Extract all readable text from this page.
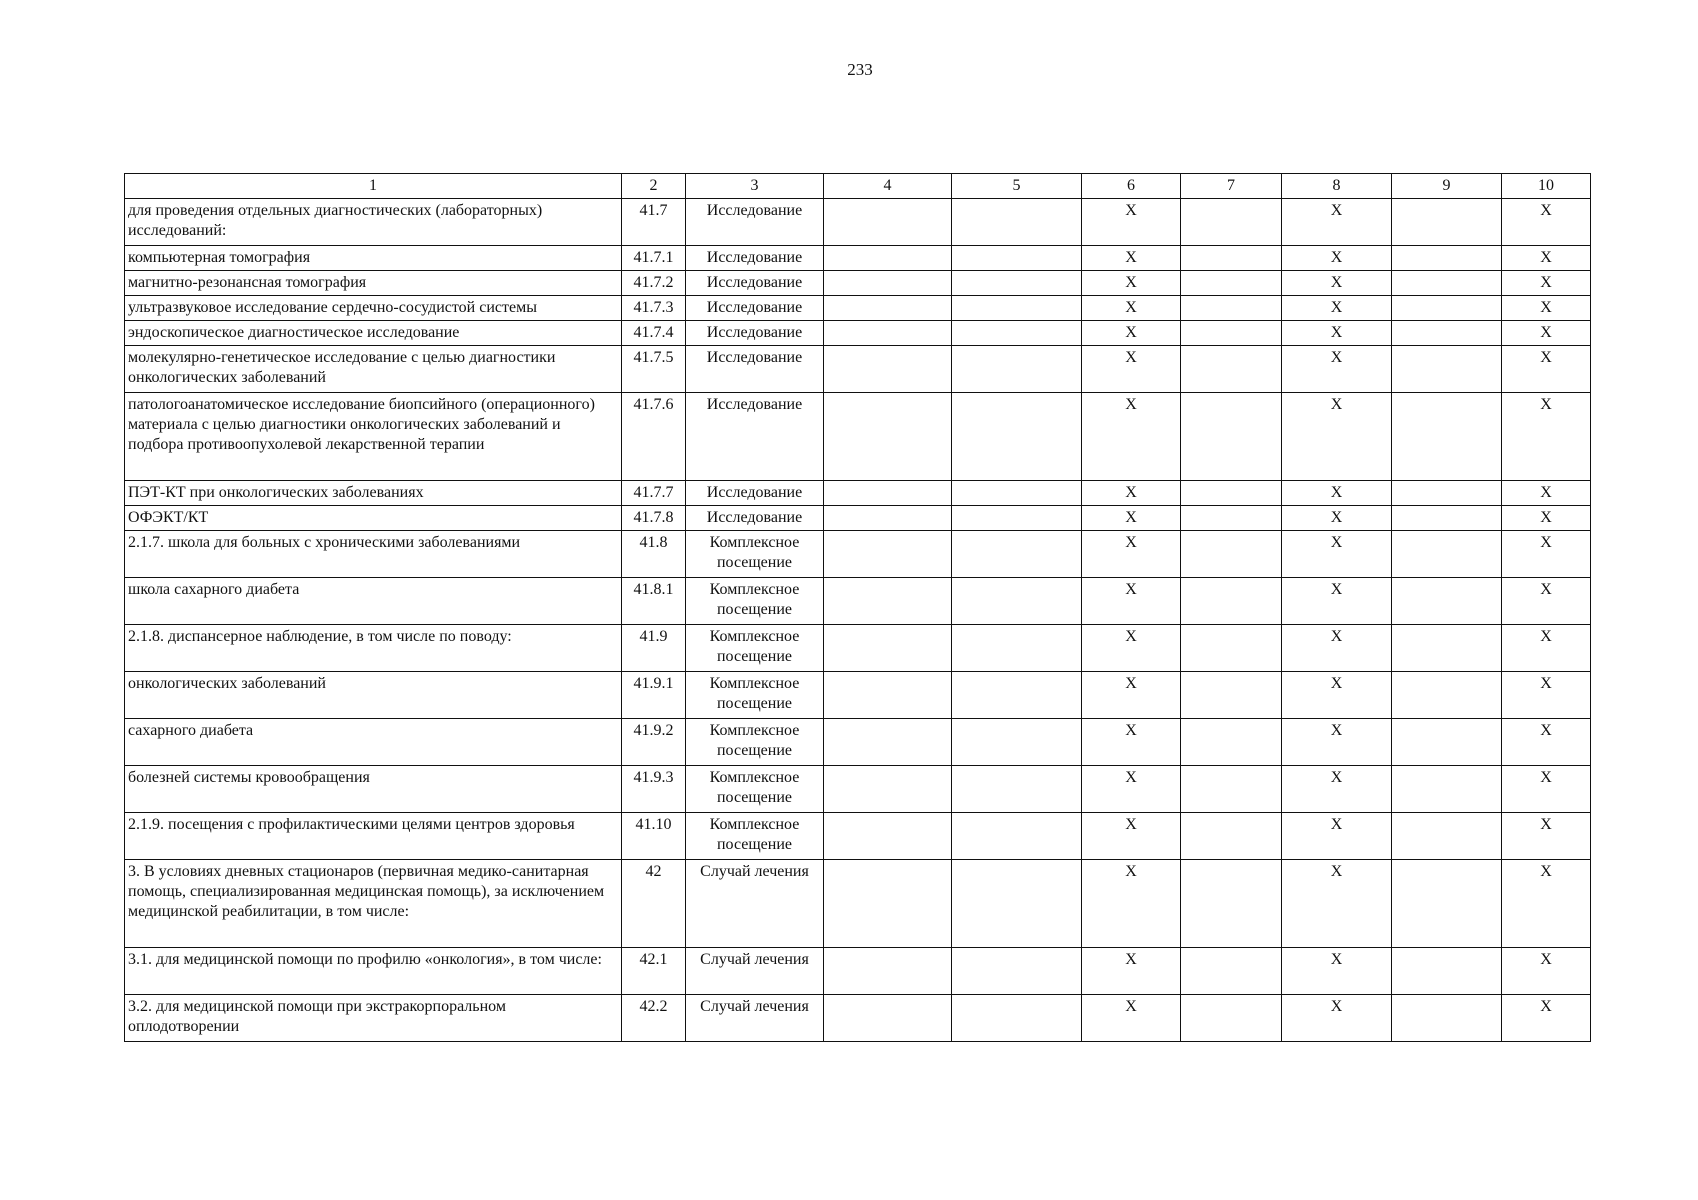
233
1	2	3	4	5	6	7	8	9	10
для проведения отдельных диагностических (лабораторных) исследований:	41.7	Исследование			X		X		X
компьютерная томография	41.7.1	Исследование			X		X		X
магнитно-резонансная томография	41.7.2	Исследование			X		X		X
ультразвуковое исследование сердечно-сосудистой системы	41.7.3	Исследование			X		X		X
эндоскопическое диагностическое исследование	41.7.4	Исследование			X		X		X
молекулярно-генетическое исследование с целью диагностики онкологических заболеваний	41.7.5	Исследование			X		X		X
патологоанатомическое исследование биопсийного (операционного) материала с целью диагностики онкологических заболеваний и подбора противоопухолевой лекарственной терапии	41.7.6	Исследование			X		X		X
ПЭТ-КТ при онкологических заболеваниях	41.7.7	Исследование			X		X		X
ОФЭКТ/КТ	41.7.8	Исследование			X		X		X
2.1.7. школа для больных с хроническими заболеваниями	41.8	Комплексное посещение			X		X		X
школа сахарного диабета	41.8.1	Комплексное посещение			X		X		X
2.1.8. диспансерное наблюдение, в том числе по поводу:	41.9	Комплексное посещение			X		X		X
онкологических заболеваний	41.9.1	Комплексное посещение			X		X		X
сахарного диабета	41.9.2	Комплексное посещение			X		X		X
болезней системы кровообращения	41.9.3	Комплексное посещение			X		X		X
2.1.9. посещения с профилактическими целями центров здоровья	41.10	Комплексное посещение			X		X		X
3. В условиях дневных стационаров (первичная медико-санитарная помощь, специализированная медицинская помощь), за исключением медицинской реабилитации, в том числе:	42	Случай лечения			X		X		X
3.1. для медицинской помощи по профилю «онкология», в том числе:	42.1	Случай лечения			X		X		X
3.2. для медицинской помощи при экстракорпоральном оплодотворении	42.2	Случай лечения			X		X		X
